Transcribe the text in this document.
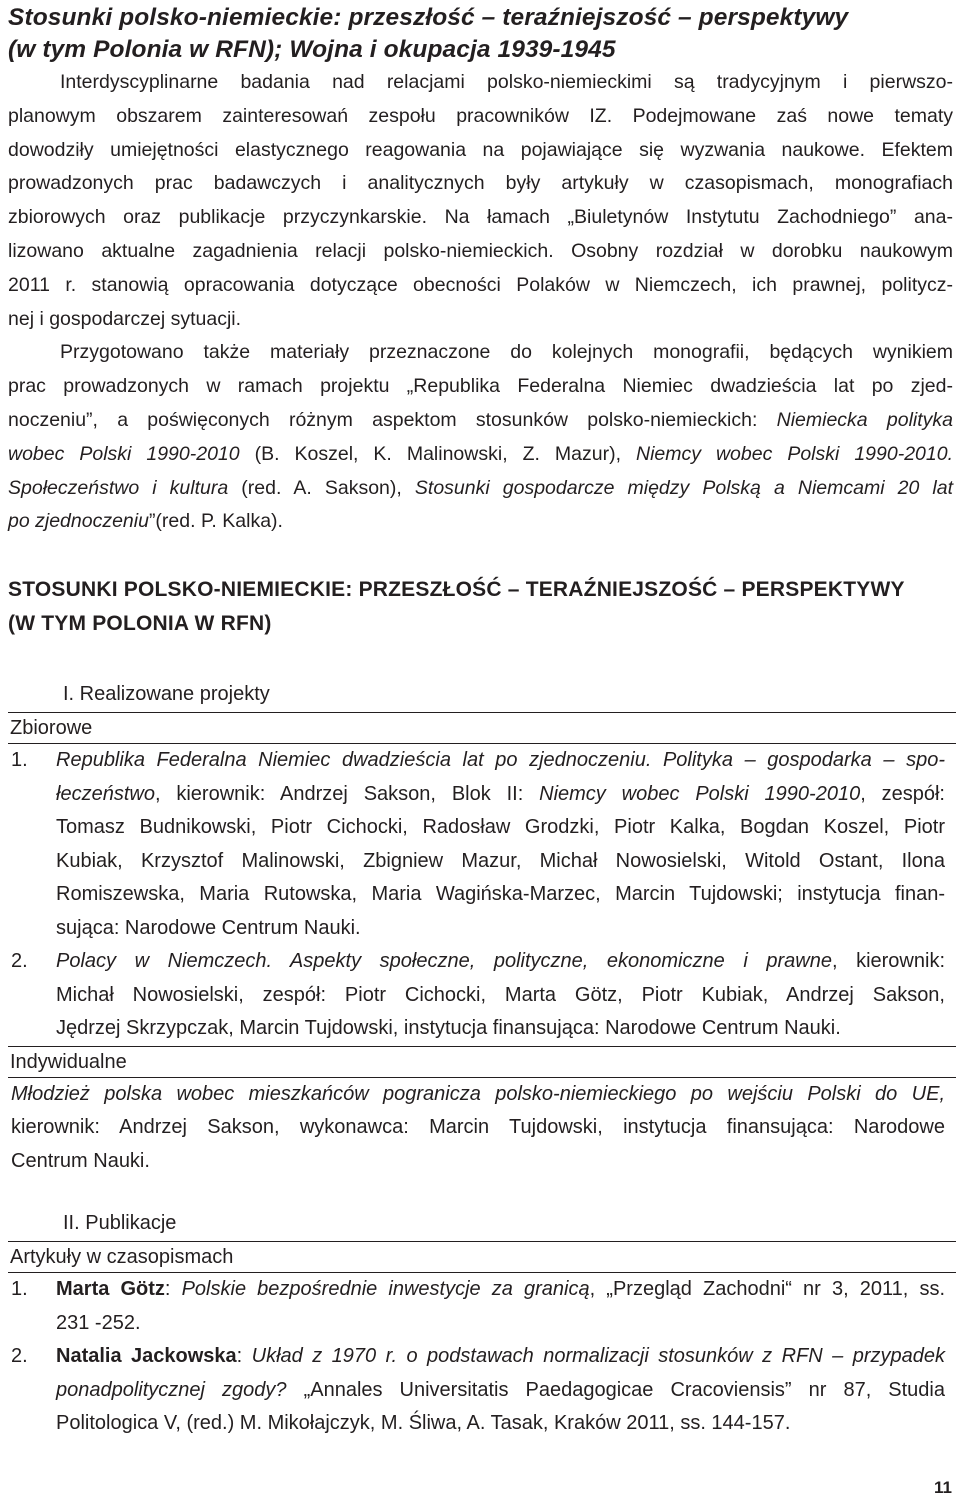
Stosunki polsko-niemieckie: przeszłość – teraźniejszość – perspektywy
(w tym Polonia w RFN); Wojna i okupacja 1939-1945
Interdyscyplinarne badania nad relacjami polsko-niemieckimi są tradycyjnym i pierwszo-
planowym obszarem zainteresowań zespołu pracowników IZ. Podejmowane zaś nowe tematy
dowodziły umiejętności elastycznego reagowania na pojawiające się wyzwania naukowe. Efektem
prowadzonych prac badawczych i analitycznych były artykuły w czasopismach, monografiach
zbiorowych oraz publikacje przyczynkarskie. Na łamach „Biuletynów Instytutu Zachodniego” ana-
lizowano aktualne zagadnienia relacji polsko-niemieckich. Osobny rozdział w dorobku naukowym
2011 r. stanowią opracowania dotyczące obecności Polaków w Niemczech, ich prawnej, politycz-
nej i gospodarczej sytuacji.
Przygotowano także materiały przeznaczone do kolejnych monografii, będących wynikiem
prac prowadzonych w ramach projektu „Republika Federalna Niemiec dwadzieścia lat po zjed-
noczeniu”, a poświęconych różnym aspektom stosunków polsko-niemieckich: Niemiecka polityka
wobec Polski 1990-2010 (B. Koszel, K. Malinowski, Z. Mazur), Niemcy wobec Polski 1990-2010.
Społeczeństwo i kultura (red. A. Sakson), Stosunki gospodarcze między Polską a Niemcami 20 lat
po zjednoczeniu”(red. P. Kalka).
STOSUNKI POLSKO-NIEMIECKIE: PRZESZŁOŚĆ – TERAŹNIEJSZOŚĆ – PERSPEKTYWY
(W TYM POLONIA W RFN)
I. Realizowane projekty
Zbiorowe
1.	Republika Federalna Niemiec dwadzieścia lat po zjednoczeniu. Polityka – gospodarka – spo-
łeczeństwo, kierownik: Andrzej Sakson, Blok II: Niemcy wobec Polski 1990-2010, zespół:
Tomasz Budnikowski, Piotr Cichocki, Radosław Grodzki, Piotr Kalka, Bogdan Koszel, Piotr
Kubiak, Krzysztof Malinowski, Zbigniew Mazur, Michał Nowosielski, Witold Ostant, Ilona
Romiszewska, Maria Rutowska, Maria Wagińska-Marzec, Marcin Tujdowski; instytucja finan-
sująca: Narodowe Centrum Nauki.
2.	Polacy w Niemczech. Aspekty społeczne, polityczne, ekonomiczne i prawne, kierownik:
Michał Nowosielski, zespół: Piotr Cichocki, Marta Götz, Piotr Kubiak, Andrzej Sakson,
Jędrzej Skrzypczak, Marcin Tujdowski, instytucja finansująca: Narodowe Centrum Nauki.
Indywidualne
Młodzież polska wobec mieszkańców pogranicza polsko-niemieckiego po wejściu Polski do UE,
kierownik: Andrzej Sakson, wykonawca: Marcin Tujdowski, instytucja finansująca: Narodowe
Centrum Nauki.
II. Publikacje
Artykuły w czasopismach
1.	Marta Götz: Polskie bezpośrednie inwestycje za granicą, „Przegląd Zachodni“ nr 3, 2011, ss.
231 -252.
2.	Natalia Jackowska: Układ z 1970 r. o podstawach normalizacji stosunków z RFN – przypadek
ponadpolitycznej zgody? „Annales Universitatis Paedagogicae Cracoviensis” nr 87, Studia
Politologica V, (red.) M. Mikołajczyk, M. Śliwa, A. Tasak, Kraków 2011, ss. 144-157.
11
